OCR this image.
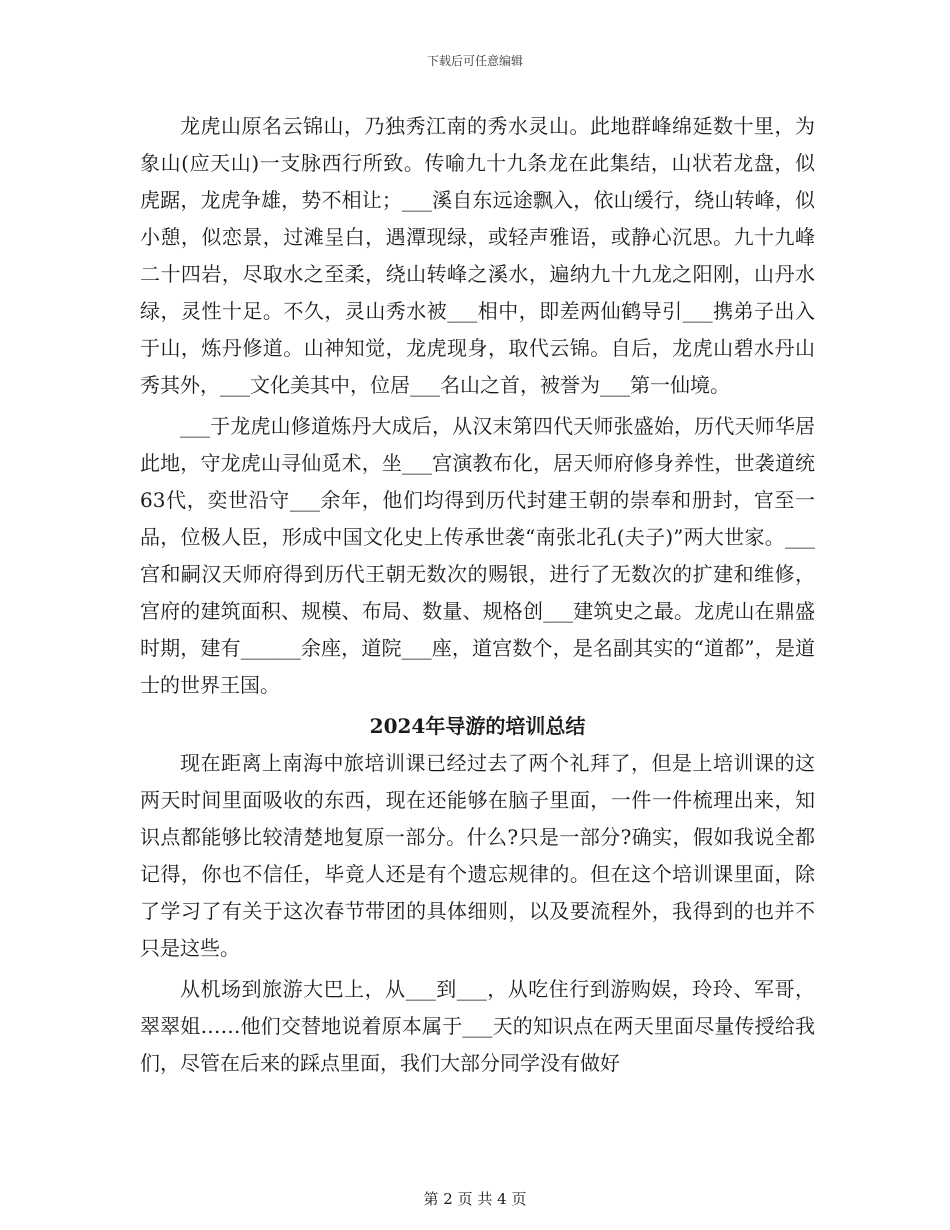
下载后可任意编辑

龙虎山原名云锦山，乃独秀江南的秀水灵山。此地群峰绵延数十里，为象山(应天山)一支脉西行所致。传喻九十九条龙在此集结，山状若龙盘，似虎踞，龙虎争雄，势不相让；___溪自东远途飘入，依山缓行，绕山转峰，似小憩，似恋景，过滩呈白，遇潭现绿，或轻声雅语，或静心沉思。九十九峰二十四岩，尽取水之至柔，绕山转峰之溪水，遍纳九十九龙之阳刚，山丹水绿，灵性十足。不久，灵山秀水被___相中，即差两仙鹤导引___携弟子出入于山，炼丹修道。山神知觉，龙虎现身，取代云锦。自后，龙虎山碧水丹山秀其外，___文化美其中，位居___名山之首，被誉为___第一仙境。

___于龙虎山修道炼丹大成后，从汉末第四代天师张盛始，历代天师华居此地，守龙虎山寻仙觅术，坐___宫演教布化，居天师府修身养性，世袭道统63代，奕世沿守___余年，他们均得到历代封建王朝的崇奉和册封，官至一品，位极人臣，形成中国文化史上传承世袭“南张北孔(夫子)”两大世家。___宫和嗣汉天师府得到历代王朝无数次的赐银，进行了无数次的扩建和维修，宫府的建筑面积、规模、布局、数量、规格创___建筑史之最。龙虎山在鼎盛时期，建有______余座，道院___座，道宫数个，是名副其实的“道都”，是道士的世界王国。

2024年导游的培训总结

现在距离上南海中旅培训课已经过去了两个礼拜了，但是上培训课的这两天时间里面吸收的东西，现在还能够在脑子里面，一件一件梳理出来，知识点都能够比较清楚地复原一部分。什么?只是一部分?确实，假如我说全都记得，你也不信任，毕竟人还是有个遗忘规律的。但在这个培训课里面，除了学习了有关于这次春节带团的具体细则，以及要流程外，我得到的也并不只是这些。

从机场到旅游大巴上，从___到___，从吃住行到游购娱，玲玲、军哥，翠翠姐……他们交替地说着原本属于___天的知识点在两天里面尽量传授给我们，尽管在后来的踩点里面，我们大部分同学没有做好

第 2 页 共 4 页
